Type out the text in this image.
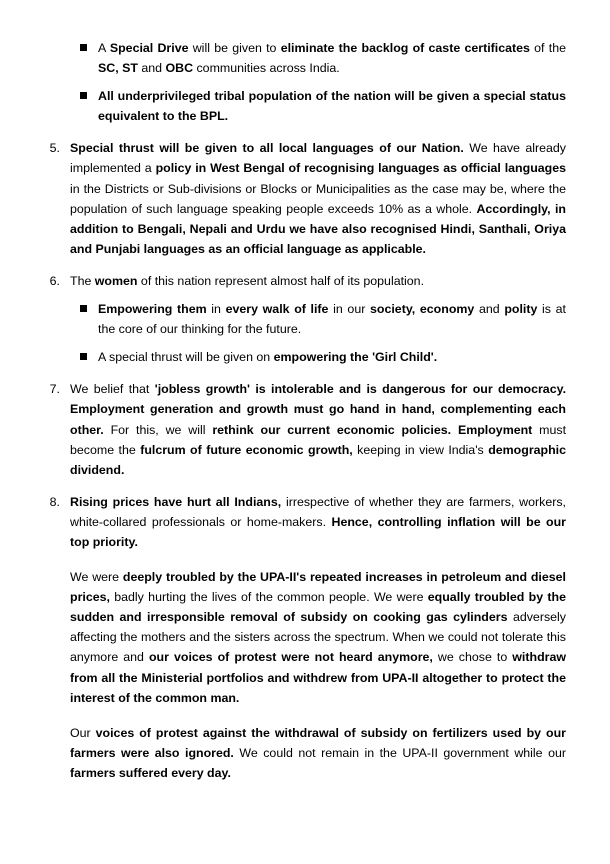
A Special Drive will be given to eliminate the backlog of caste certificates of the SC, ST and OBC communities across India.
All underprivileged tribal population of the nation will be given a special status equivalent to the BPL.
5. Special thrust will be given to all local languages of our Nation. We have already implemented a policy in West Bengal of recognising languages as official languages in the Districts or Sub-divisions or Blocks or Municipalities as the case may be, where the population of such language speaking people exceeds 10% as a whole. Accordingly, in addition to Bengali, Nepali and Urdu we have also recognised Hindi, Santhali, Oriya and Punjabi languages as an official language as applicable.
6. The women of this nation represent almost half of its population.
Empowering them in every walk of life in our society, economy and polity is at the core of our thinking for the future.
A special thrust will be given on empowering the 'Girl Child'.
7. We belief that 'jobless growth' is intolerable and is dangerous for our democracy. Employment generation and growth must go hand in hand, complementing each other. For this, we will rethink our current economic policies. Employment must become the fulcrum of future economic growth, keeping in view India's demographic dividend.
8. Rising prices have hurt all Indians, irrespective of whether they are farmers, workers, white-collared professionals or home-makers. Hence, controlling inflation will be our top priority.
We were deeply troubled by the UPA-II's repeated increases in petroleum and diesel prices, badly hurting the lives of the common people. We were equally troubled by the sudden and irresponsible removal of subsidy on cooking gas cylinders adversely affecting the mothers and the sisters across the spectrum. When we could not tolerate this anymore and our voices of protest were not heard anymore, we chose to withdraw from all the Ministerial portfolios and withdrew from UPA-II altogether to protect the interest of the common man.
Our voices of protest against the withdrawal of subsidy on fertilizers used by our farmers were also ignored. We could not remain in the UPA-II government while our farmers suffered every day.
